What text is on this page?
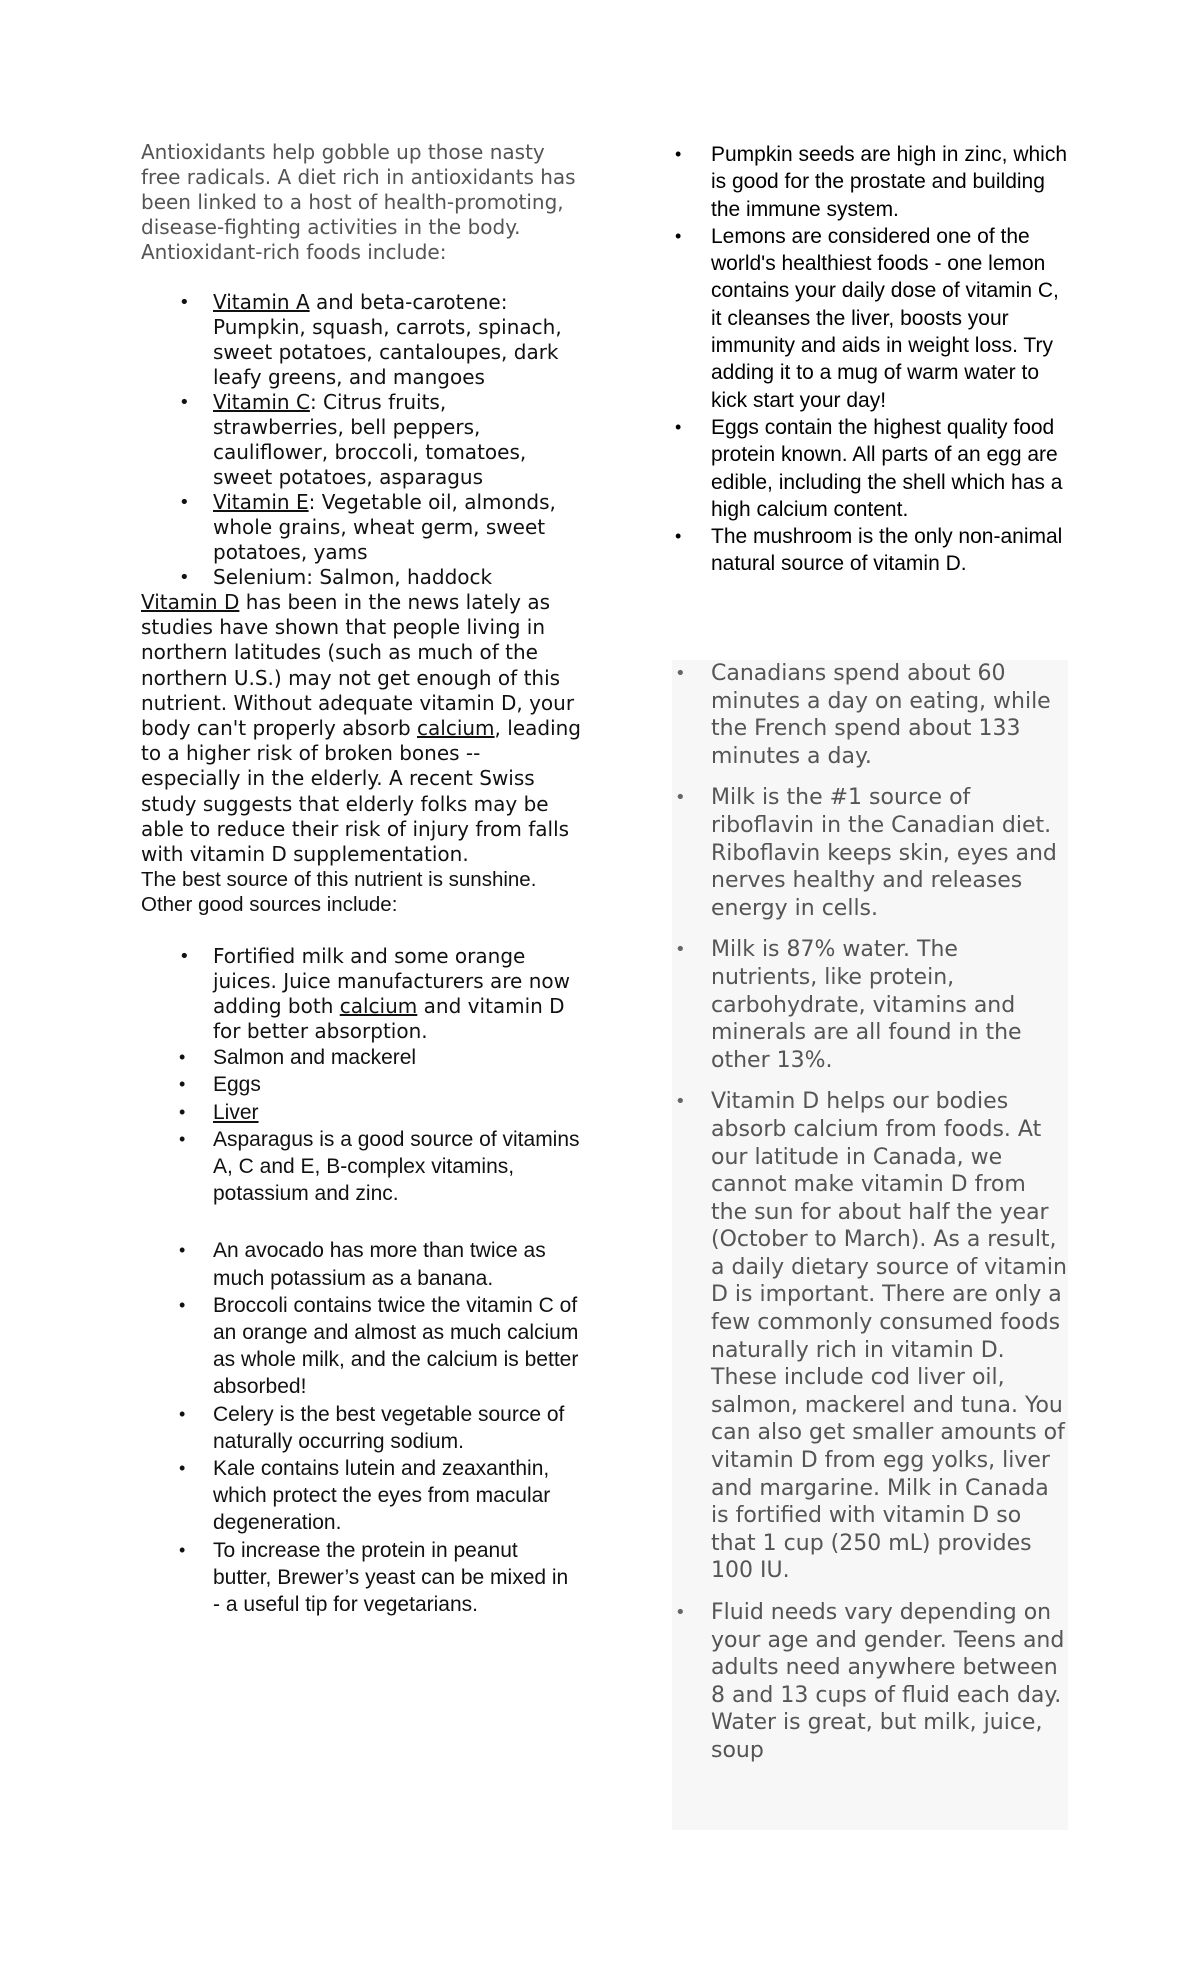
Antioxidants help gobble up those nasty free radicals. A diet rich in antioxidants has been linked to a host of health-promoting, disease-fighting activities in the body.
Antioxidant-rich foods include:

• Vitamin A and beta-carotene: Pumpkin, squash, carrots, spinach, sweet potatoes, cantaloupes, dark leafy greens, and mangoes
• Vitamin C: Citrus fruits, strawberries, bell peppers, cauliflower, broccoli, tomatoes, sweet potatoes, asparagus
• Vitamin E: Vegetable oil, almonds, whole grains, wheat germ, sweet potatoes, yams
• Selenium: Salmon, haddock

Vitamin D has been in the news lately as studies have shown that people living in northern latitudes (such as much of the northern U.S.) may not get enough of this nutrient. Without adequate vitamin D, your body can't properly absorb calcium, leading to a higher risk of broken bones -- especially in the elderly. A recent Swiss study suggests that elderly folks may be able to reduce their risk of injury from falls with vitamin D supplementation.

The best source of this nutrient is sunshine. Other good sources include:

• Fortified milk and some orange juices. Juice manufacturers are now adding both calcium and vitamin D for better absorption.
• Salmon and mackerel
• Eggs
• Liver
• Asparagus is a good source of vitamins A, C and E, B-complex vitamins, potassium and zinc.
• An avocado has more than twice as much potassium as a banana.
• Broccoli contains twice the vitamin C of an orange and almost as much calcium as whole milk, and the calcium is better absorbed!
• Celery is the best vegetable source of naturally occurring sodium.
• Kale contains lutein and zeaxanthin, which protect the eyes from macular degeneration.
• To increase the protein in peanut butter, Brewer’s yeast can be mixed in - a useful tip for vegetarians.
• Pumpkin seeds are high in zinc, which is good for the prostate and building the immune system.
• Lemons are considered one of the world's healthiest foods - one lemon contains your daily dose of vitamin C, it cleanses the liver, boosts your immunity and aids in weight loss. Try adding it to a mug of warm water to kick start your day!
• Eggs contain the highest quality food protein known. All parts of an egg are edible, including the shell which has a high calcium content.
• The mushroom is the only non-animal natural source of vitamin D.
• Canadians spend about 60 minutes a day on eating, while the French spend about 133 minutes a day.
• Milk is the #1 source of riboflavin in the Canadian diet. Riboflavin keeps skin, eyes and nerves healthy and releases energy in cells.
• Milk is 87% water. The nutrients, like protein, carbohydrate, vitamins and minerals are all found in the other 13%.
• Vitamin D helps our bodies absorb calcium from foods. At our latitude in Canada, we cannot make vitamin D from the sun for about half the year (October to March). As a result, a daily dietary source of vitamin D is important. There are only a few commonly consumed foods naturally rich in vitamin D. These include cod liver oil, salmon, mackerel and tuna. You can also get smaller amounts of vitamin D from egg yolks, liver and margarine. Milk in Canada is fortified with vitamin D so that 1 cup (250 mL) provides 100 IU.
• Fluid needs vary depending on your age and gender. Teens and adults need anywhere between 8 and 13 cups of fluid each day. Water is great, but milk, juice, soup
